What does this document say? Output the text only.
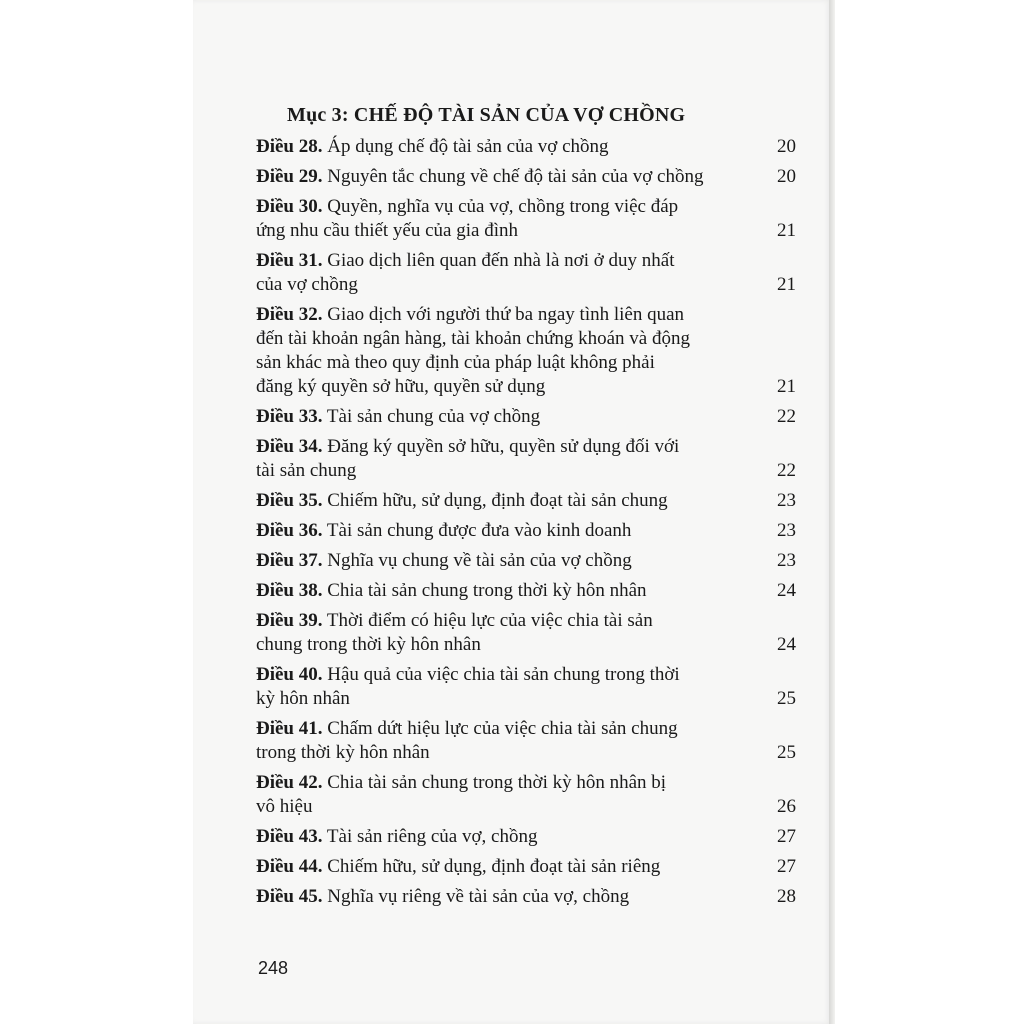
Mục 3: CHẾ ĐỘ TÀI SẢN CỦA VỢ CHỒNG
Điều 28. Áp dụng chế độ tài sản của vợ chồng	20
Điều 29. Nguyên tắc chung về chế độ tài sản của vợ chồng	20
Điều 30. Quyền, nghĩa vụ của vợ, chồng trong việc đáp
ứng nhu cầu thiết yếu của gia đình	21
Điều 31. Giao dịch liên quan đến nhà là nơi ở duy nhất
của vợ chồng	21
Điều 32. Giao dịch với người thứ ba ngay tình liên quan
đến tài khoản ngân hàng, tài khoản chứng khoán và động
sản khác mà theo quy định của pháp luật không phải
đăng ký quyền sở hữu, quyền sử dụng	21
Điều 33. Tài sản chung của vợ chồng	22
Điều 34. Đăng ký quyền sở hữu, quyền sử dụng đối với
tài sản chung	22
Điều 35. Chiếm hữu, sử dụng, định đoạt tài sản chung	23
Điều 36. Tài sản chung được đưa vào kinh doanh	23
Điều 37. Nghĩa vụ chung về tài sản của vợ chồng	23
Điều 38. Chia tài sản chung trong thời kỳ hôn nhân	24
Điều 39. Thời điểm có hiệu lực của việc chia tài sản
chung trong thời kỳ hôn nhân	24
Điều 40. Hậu quả của việc chia tài sản chung trong thời
kỳ hôn nhân	25
Điều 41. Chấm dứt hiệu lực của việc chia tài sản chung
trong thời kỳ hôn nhân	25
Điều 42. Chia tài sản chung trong thời kỳ hôn nhân bị
vô hiệu	26
Điều 43. Tài sản riêng của vợ, chồng	27
Điều 44. Chiếm hữu, sử dụng, định đoạt tài sản riêng	27
Điều 45. Nghĩa vụ riêng về tài sản của vợ, chồng	28
248
